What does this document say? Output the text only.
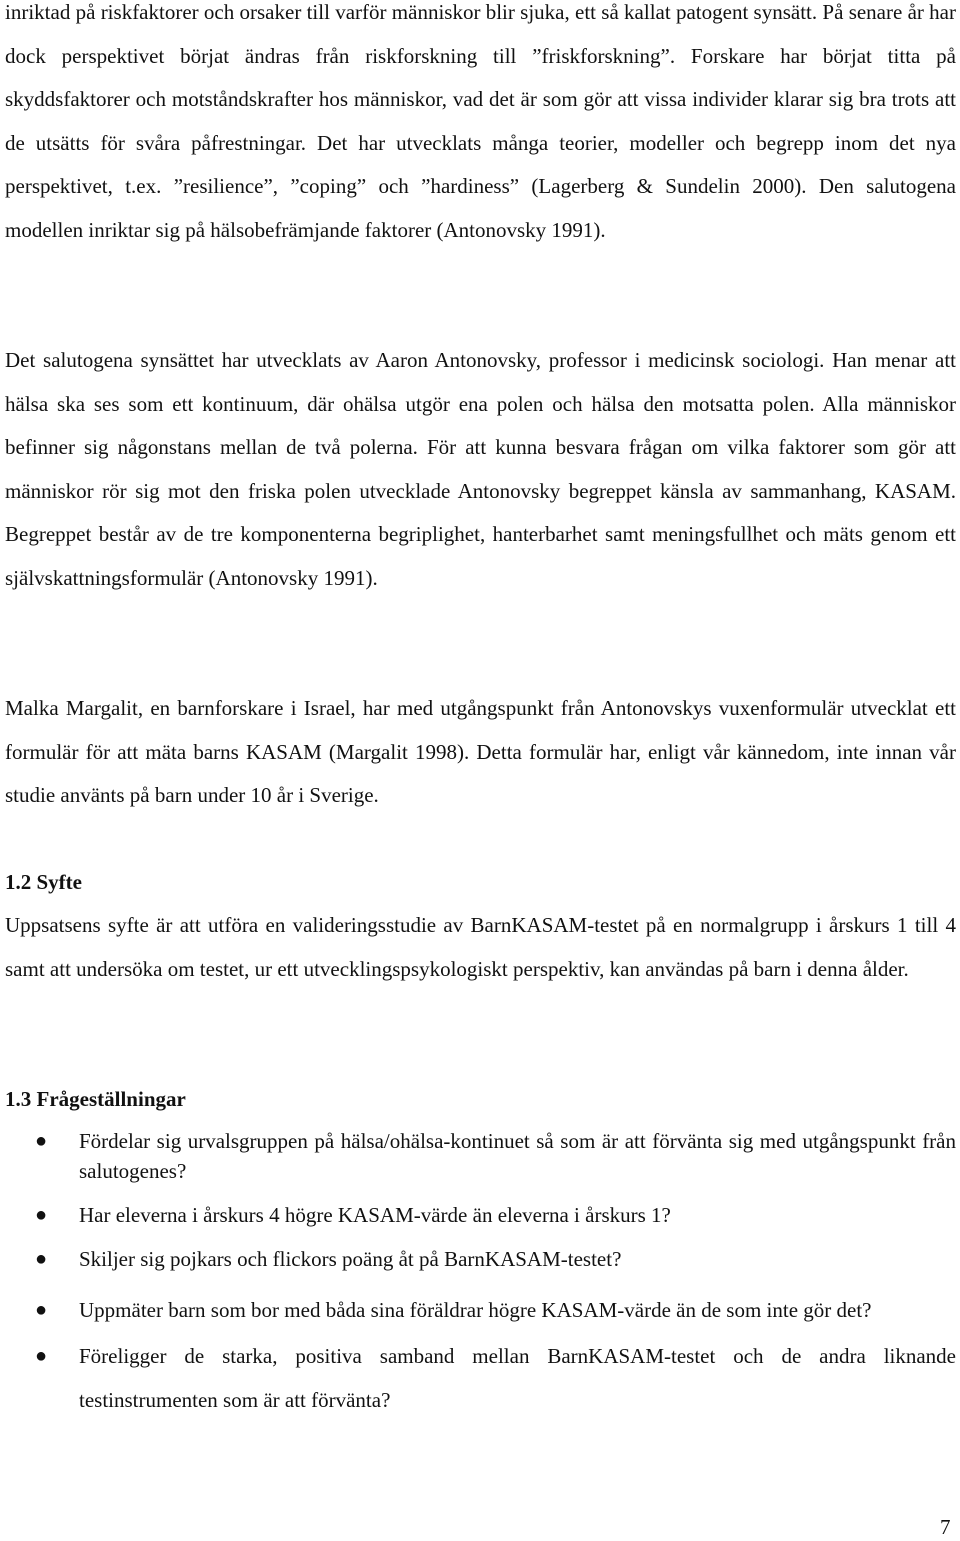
inriktad på riskfaktorer och orsaker till varför människor blir sjuka, ett så kallat patogent synsätt. På senare år har dock perspektivet börjat ändras från riskforskning till ”friskforskning”. Forskare har börjat titta på skyddsfaktorer och motståndskrafter hos människor, vad det är som gör att vissa individer klarar sig bra trots att de utsätts för svåra påfrestningar. Det har utvecklats många teorier, modeller och begrepp inom det nya perspektivet, t.ex. ”resilience”, ”coping” och ”hardiness” (Lagerberg & Sundelin 2000). Den salutogena modellen inriktar sig på hälsobefrämjande faktorer (Antonovsky 1991).

Det salutogena synsättet har utvecklats av Aaron Antonovsky, professor i medicinsk sociologi. Han menar att hälsa ska ses som ett kontinuum, där ohälsa utgör ena polen och hälsa den motsatta polen. Alla människor befinner sig någonstans mellan de två polerna. För att kunna besvara frågan om vilka faktorer som gör att människor rör sig mot den friska polen utvecklade Antonovsky begreppet känsla av sammanhang, KASAM. Begreppet består av de tre komponenterna begriplighet, hanterbarhet samt meningsfullhet och mäts genom ett självskattningsformulär (Antonovsky 1991).

Malka Margalit, en barnforskare i Israel, har med utgångspunkt från Antonovskys vuxenformulär utvecklat ett formulär för att mäta barns KASAM (Margalit 1998). Detta formulär har, enligt vår kännedom, inte innan vår studie använts på barn under 10 år i Sverige.

1.2 Syfte

Uppsatsens syfte är att utföra en valideringsstudie av BarnKASAM-testet på en normalgrupp i årskurs 1 till 4 samt att undersöka om testet, ur ett utvecklingspsykologiskt perspektiv, kan användas på barn i denna ålder.

1.3 Frågeställningar
● Fördelar sig urvalsgruppen på hälsa/ohälsa-kontinuet så som är att förvänta sig med utgångspunkt från salutogenes?
● Har eleverna i årskurs 4 högre KASAM-värde än eleverna i årskurs 1?
● Skiljer sig pojkars och flickors poäng åt på BarnKASAM-testet?
● Uppmäter barn som bor med båda sina föräldrar högre KASAM-värde än de som inte gör det?
● Föreligger de starka, positiva samband mellan BarnKASAM-testet och de andra liknande testinstrumenten som är att förvänta?
7
